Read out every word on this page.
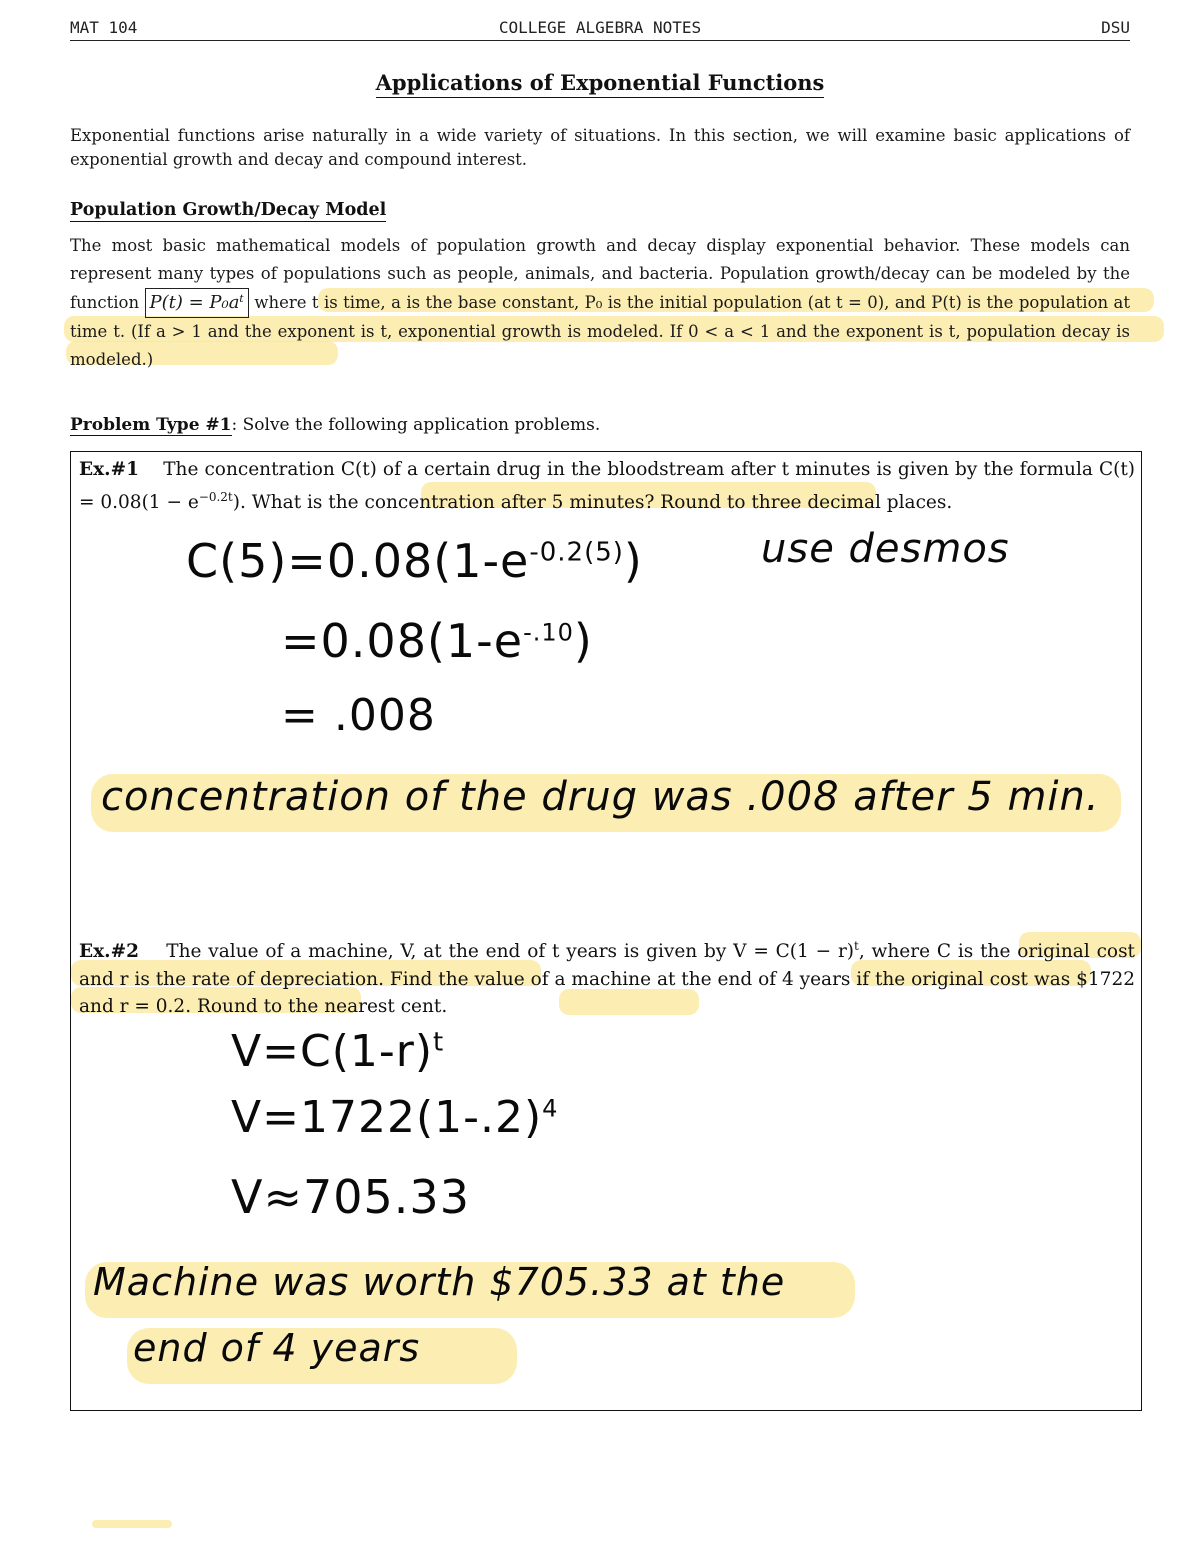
MAT 104	COLLEGE ALGEBRA NOTES	DSU
Applications of Exponential Functions
Exponential functions arise naturally in a wide variety of situations. In this section, we will examine basic applications of exponential growth and decay and compound interest.
Population Growth/Decay Model
The most basic mathematical models of population growth and decay display exponential behavior. These models can represent many types of populations such as people, animals, and bacteria. Population growth/decay can be modeled by the function P(t) = P₀aᵗ where t is time, a is the base constant, P₀ is the initial population (at t = 0), and P(t) is the population at time t. (If a > 1 and the exponent is t, exponential growth is modeled. If 0 < a < 1 and the exponent is t, population decay is modeled.)
Problem Type #1: Solve the following application problems.
Ex.#1 The concentration C(t) of a certain drug in the bloodstream after t minutes is given by the formula $C(t) = 0.08(1 - e^{-0.2t})$. What is the concentration after 5 minutes? Round to three decimal places.
$C(5)=0.08(1-e^{-0.2(5)})$	use desmos
$=0.08(1-e^{-.10})$
= .008
concentration of the drug was .008 after 5 min.
Ex.#2 The value of a machine, V, at the end of t years is given by $V = C(1 - r)^t$, where C is the original cost and r is the rate of depreciation. Find the value of a machine at the end of 4 years if the original cost was $1722 and r = 0.2. Round to the nearest cent.
$V=C(1-r)^t$
$V=1722(1-.2)^4$
V≈705.33
Machine was worth $705.33 at the
end of 4 years
